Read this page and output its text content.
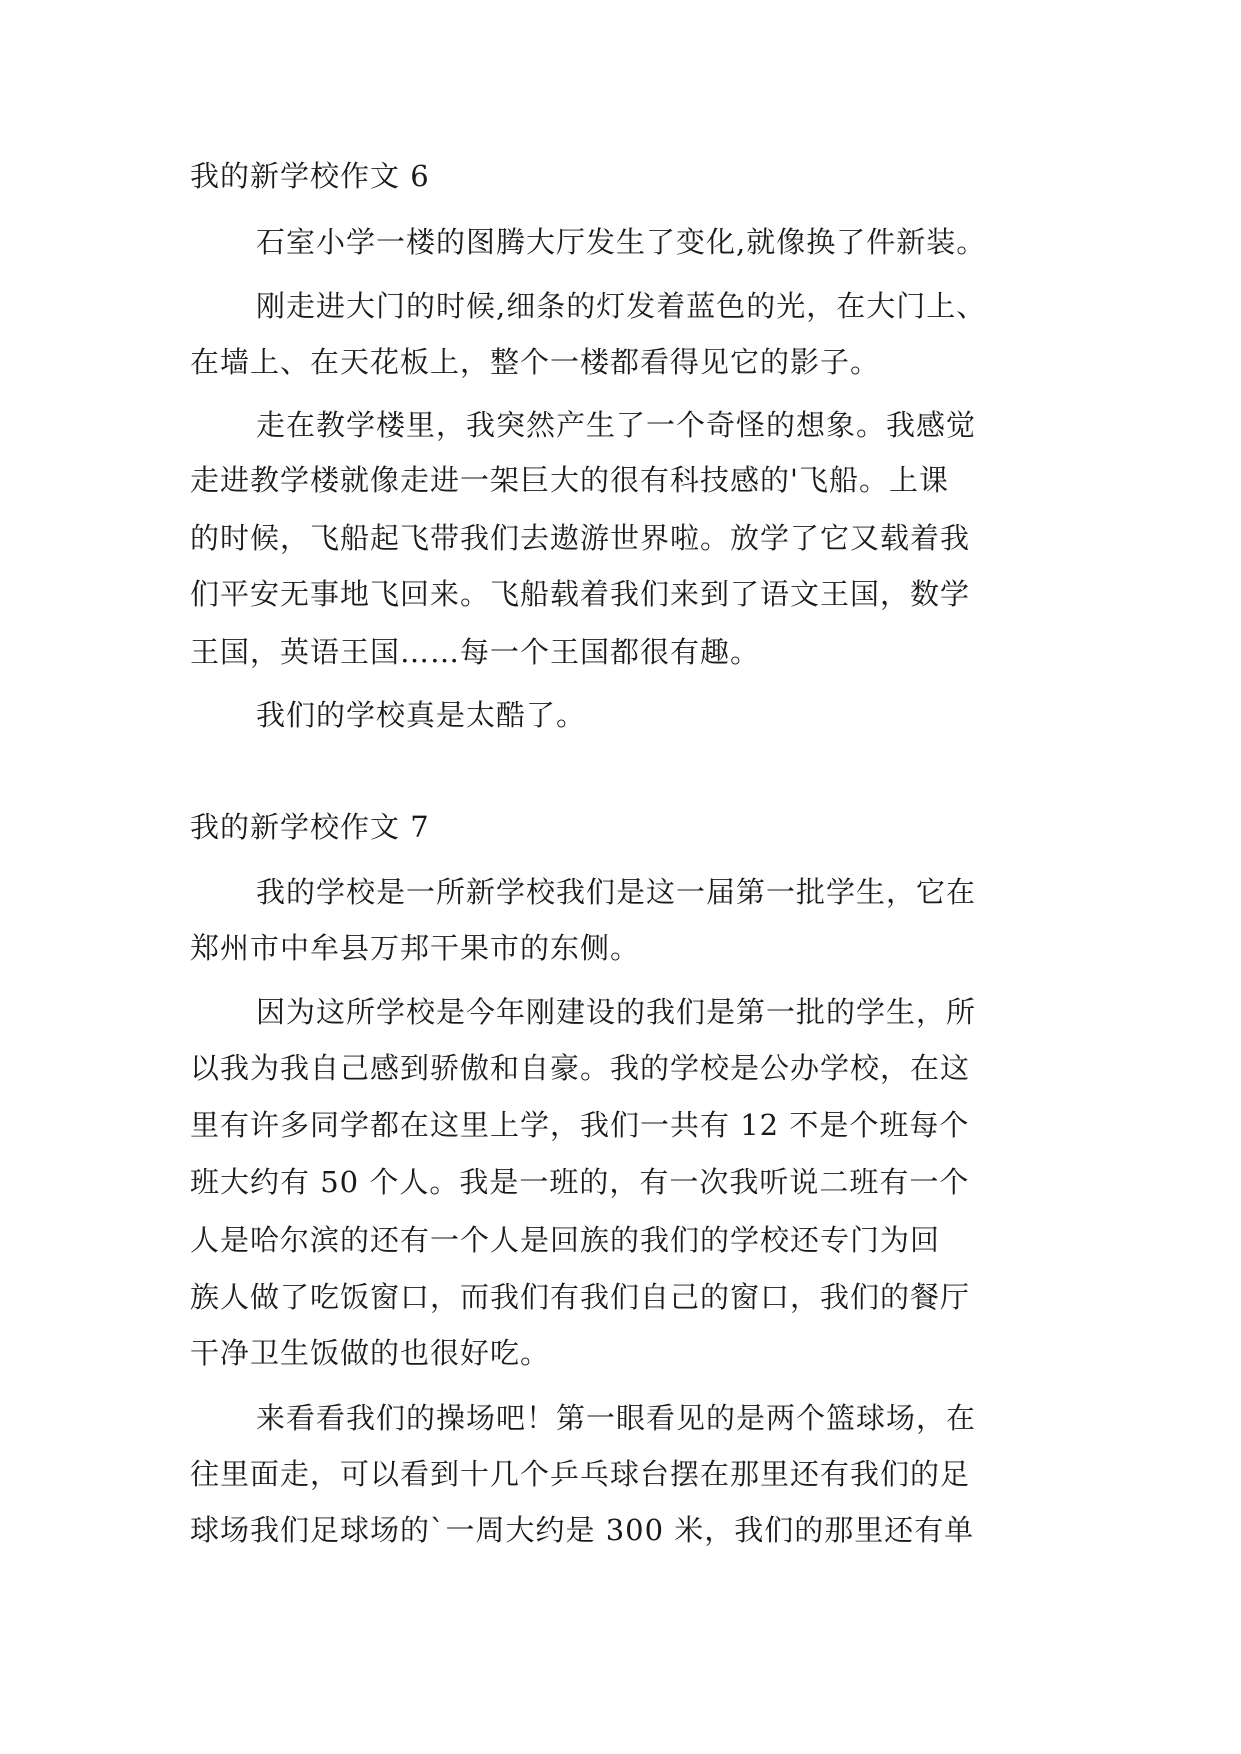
我的新学校作文 6
石室小学一楼的图腾大厅发生了变化,就像换了件新装。
刚走进大门的时候,细条的灯发着蓝色的光，在大门上、
在墙上、在天花板上，整个一楼都看得见它的影子。
走在教学楼里，我突然产生了一个奇怪的想象。我感觉
走进教学楼就像走进一架巨大的很有科技感的'飞船。上课
的时候，飞船起飞带我们去遨游世界啦。放学了它又载着我
们平安无事地飞回来。飞船载着我们来到了语文王国，数学
王国，英语王国……每一个王国都很有趣。
我们的学校真是太酷了。
我的新学校作文 7
我的学校是一所新学校我们是这一届第一批学生，它在
郑州市中牟县万邦干果市的东侧。
因为这所学校是今年刚建设的我们是第一批的学生，所
以我为我自己感到骄傲和自豪。我的学校是公办学校，在这
里有许多同学都在这里上学，我们一共有 12 不是个班每个
班大约有 50 个人。我是一班的，有一次我听说二班有一个
人是哈尔滨的还有一个人是回族的我们的学校还专门为回
族人做了吃饭窗口，而我们有我们自己的窗口，我们的餐厅
干净卫生饭做的也很好吃。
来看看我们的操场吧！第一眼看见的是两个篮球场，在
往里面走，可以看到十几个乒乓球台摆在那里还有我们的足
球场我们足球场的`一周大约是 300 米，我们的那里还有单
